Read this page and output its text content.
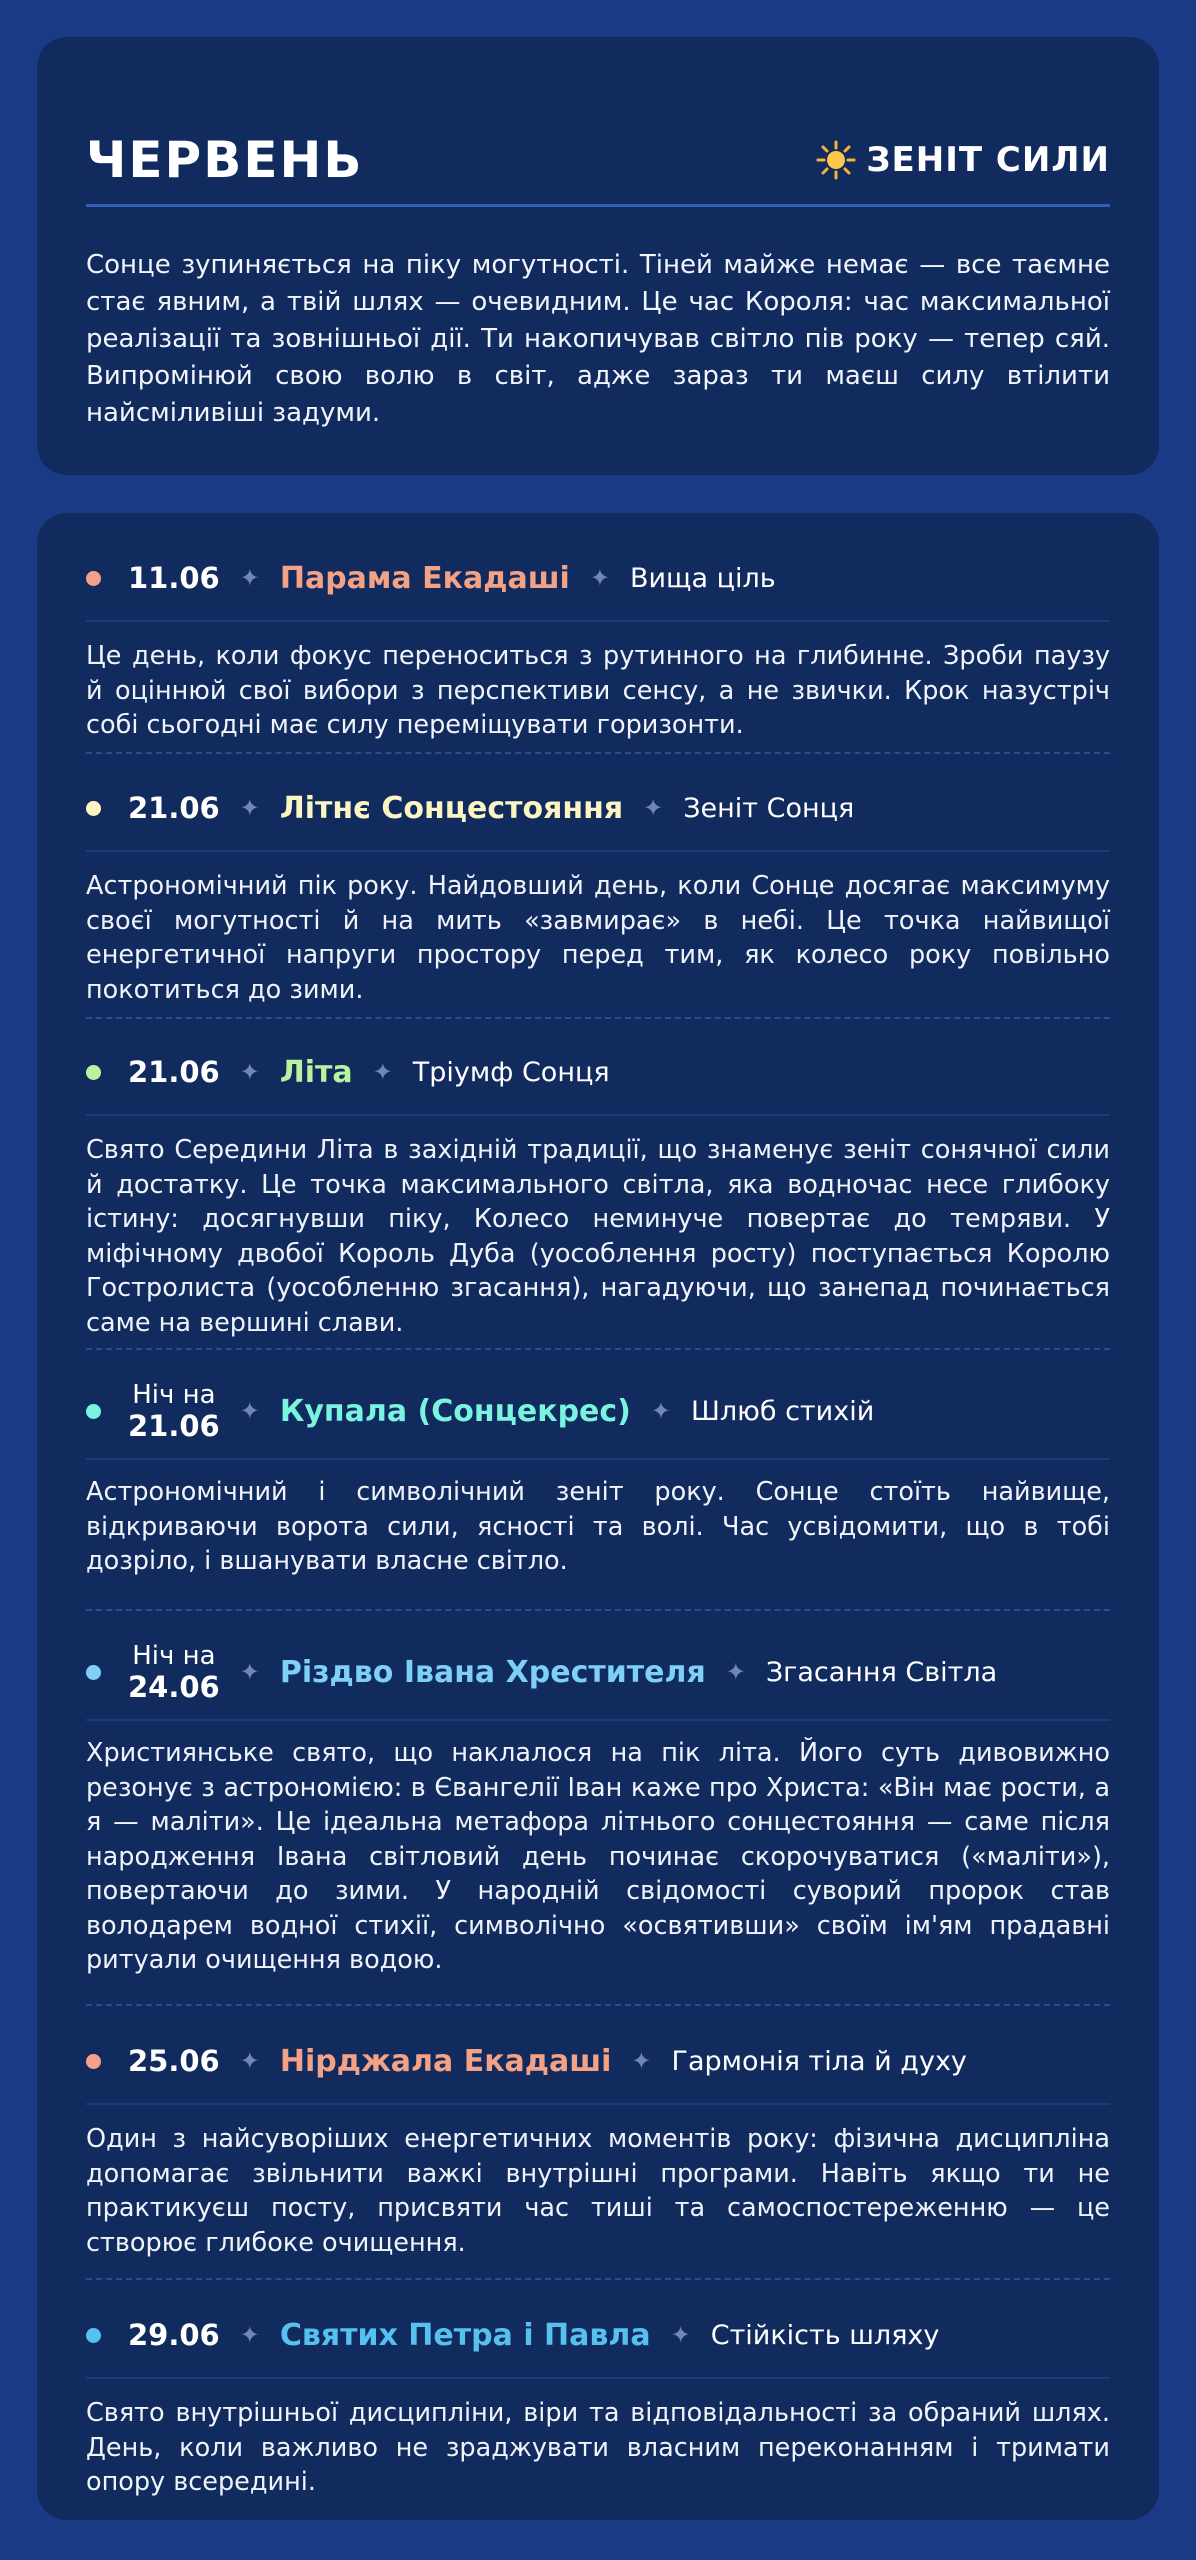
ЧЕРВЕНЬ	ЗЕНІТ СИЛИ

Сонце зупиняється на піку могутності. Тіней майже немає — все таємне стає явним, а твій шлях — очевидним. Це час Короля: час максимальної реалізації та зовнішньої дії. Ти накопичував світло пів року — тепер сяй. Випромінюй свою волю в світ, адже зараз ти маєш силу втілити найсміливіші задуми.

11.06 ✦ Парама Екадаші ✦ Вища ціль

Це день, коли фокус переноситься з рутинного на глибинне. Зроби паузу й оціннюй свої вибори з перспективи сенсу, а не звички. Крок назустріч собі сьогодні має силу переміщувати горизонти.

21.06 ✦ Літнє Сонцестояння ✦ Зеніт Сонця

Астрономічний пік року. Найдовший день, коли Сонце досягає максимуму своєї могутності й на мить «завмирає» в небі. Це точка найвищої енергетичної напруги простору перед тим, як колесо року повільно покотиться до зими.

21.06 ✦ Літа ✦ Тріумф Сонця

Свято Середини Літа в західній традиції, що знаменує зеніт сонячної сили й достатку. Це точка максимального світла, яка водночас несе глибоку істину: досягнувши піку, Колесо неминуче повертає до темряви. У міфічному двобої Король Дуба (уособлення росту) поступається Королю Гостролиста (уособленню згасання), нагадуючи, що занепад починається саме на вершині слави.

Ніч на
21.06 ✦ Купала (Сонцекрес) ✦ Шлюб стихій

Астрономічний і символічний зеніт року. Сонце стоїть найвище, відкриваючи ворота сили, ясності та волі. Час усвідомити, що в тобі дозріло, і вшанувати власне світло.

Ніч на
24.06 ✦ Різдво Івана Хрестителя ✦ Згасання Світла

Християнське свято, що наклалося на пік літа. Його суть дивовижно резонує з астрономією: в Євангелії Іван каже про Христа: «Він має рости, а я — маліти». Це ідеальна метафора літнього сонцестояння — саме після народження Івана світловий день починає скорочуватися («маліти»), повертаючи до зими. У народній свідомості суворий пророк став володарем водної стихії, символічно «освятивши» своїм ім'ям прадавні ритуали очищення водою.

25.06 ✦ Нірджала Екадаші ✦ Гармонія тіла й духу

Один з найсуворіших енергетичних моментів року: фізична дисципліна допомагає звільнити важкі внутрішні програми. Навіть якщо ти не практикуєш посту, присвяти час тиші та самоспостереженню — це створює глибоке очищення.

29.06 ✦ Святих Петра і Павла ✦ Стійкість шляху

Свято внутрішньої дисципліни, віри та відповідальності за обраний шлях. День, коли важливо не зраджувати власним переконанням і тримати опору всередині.
